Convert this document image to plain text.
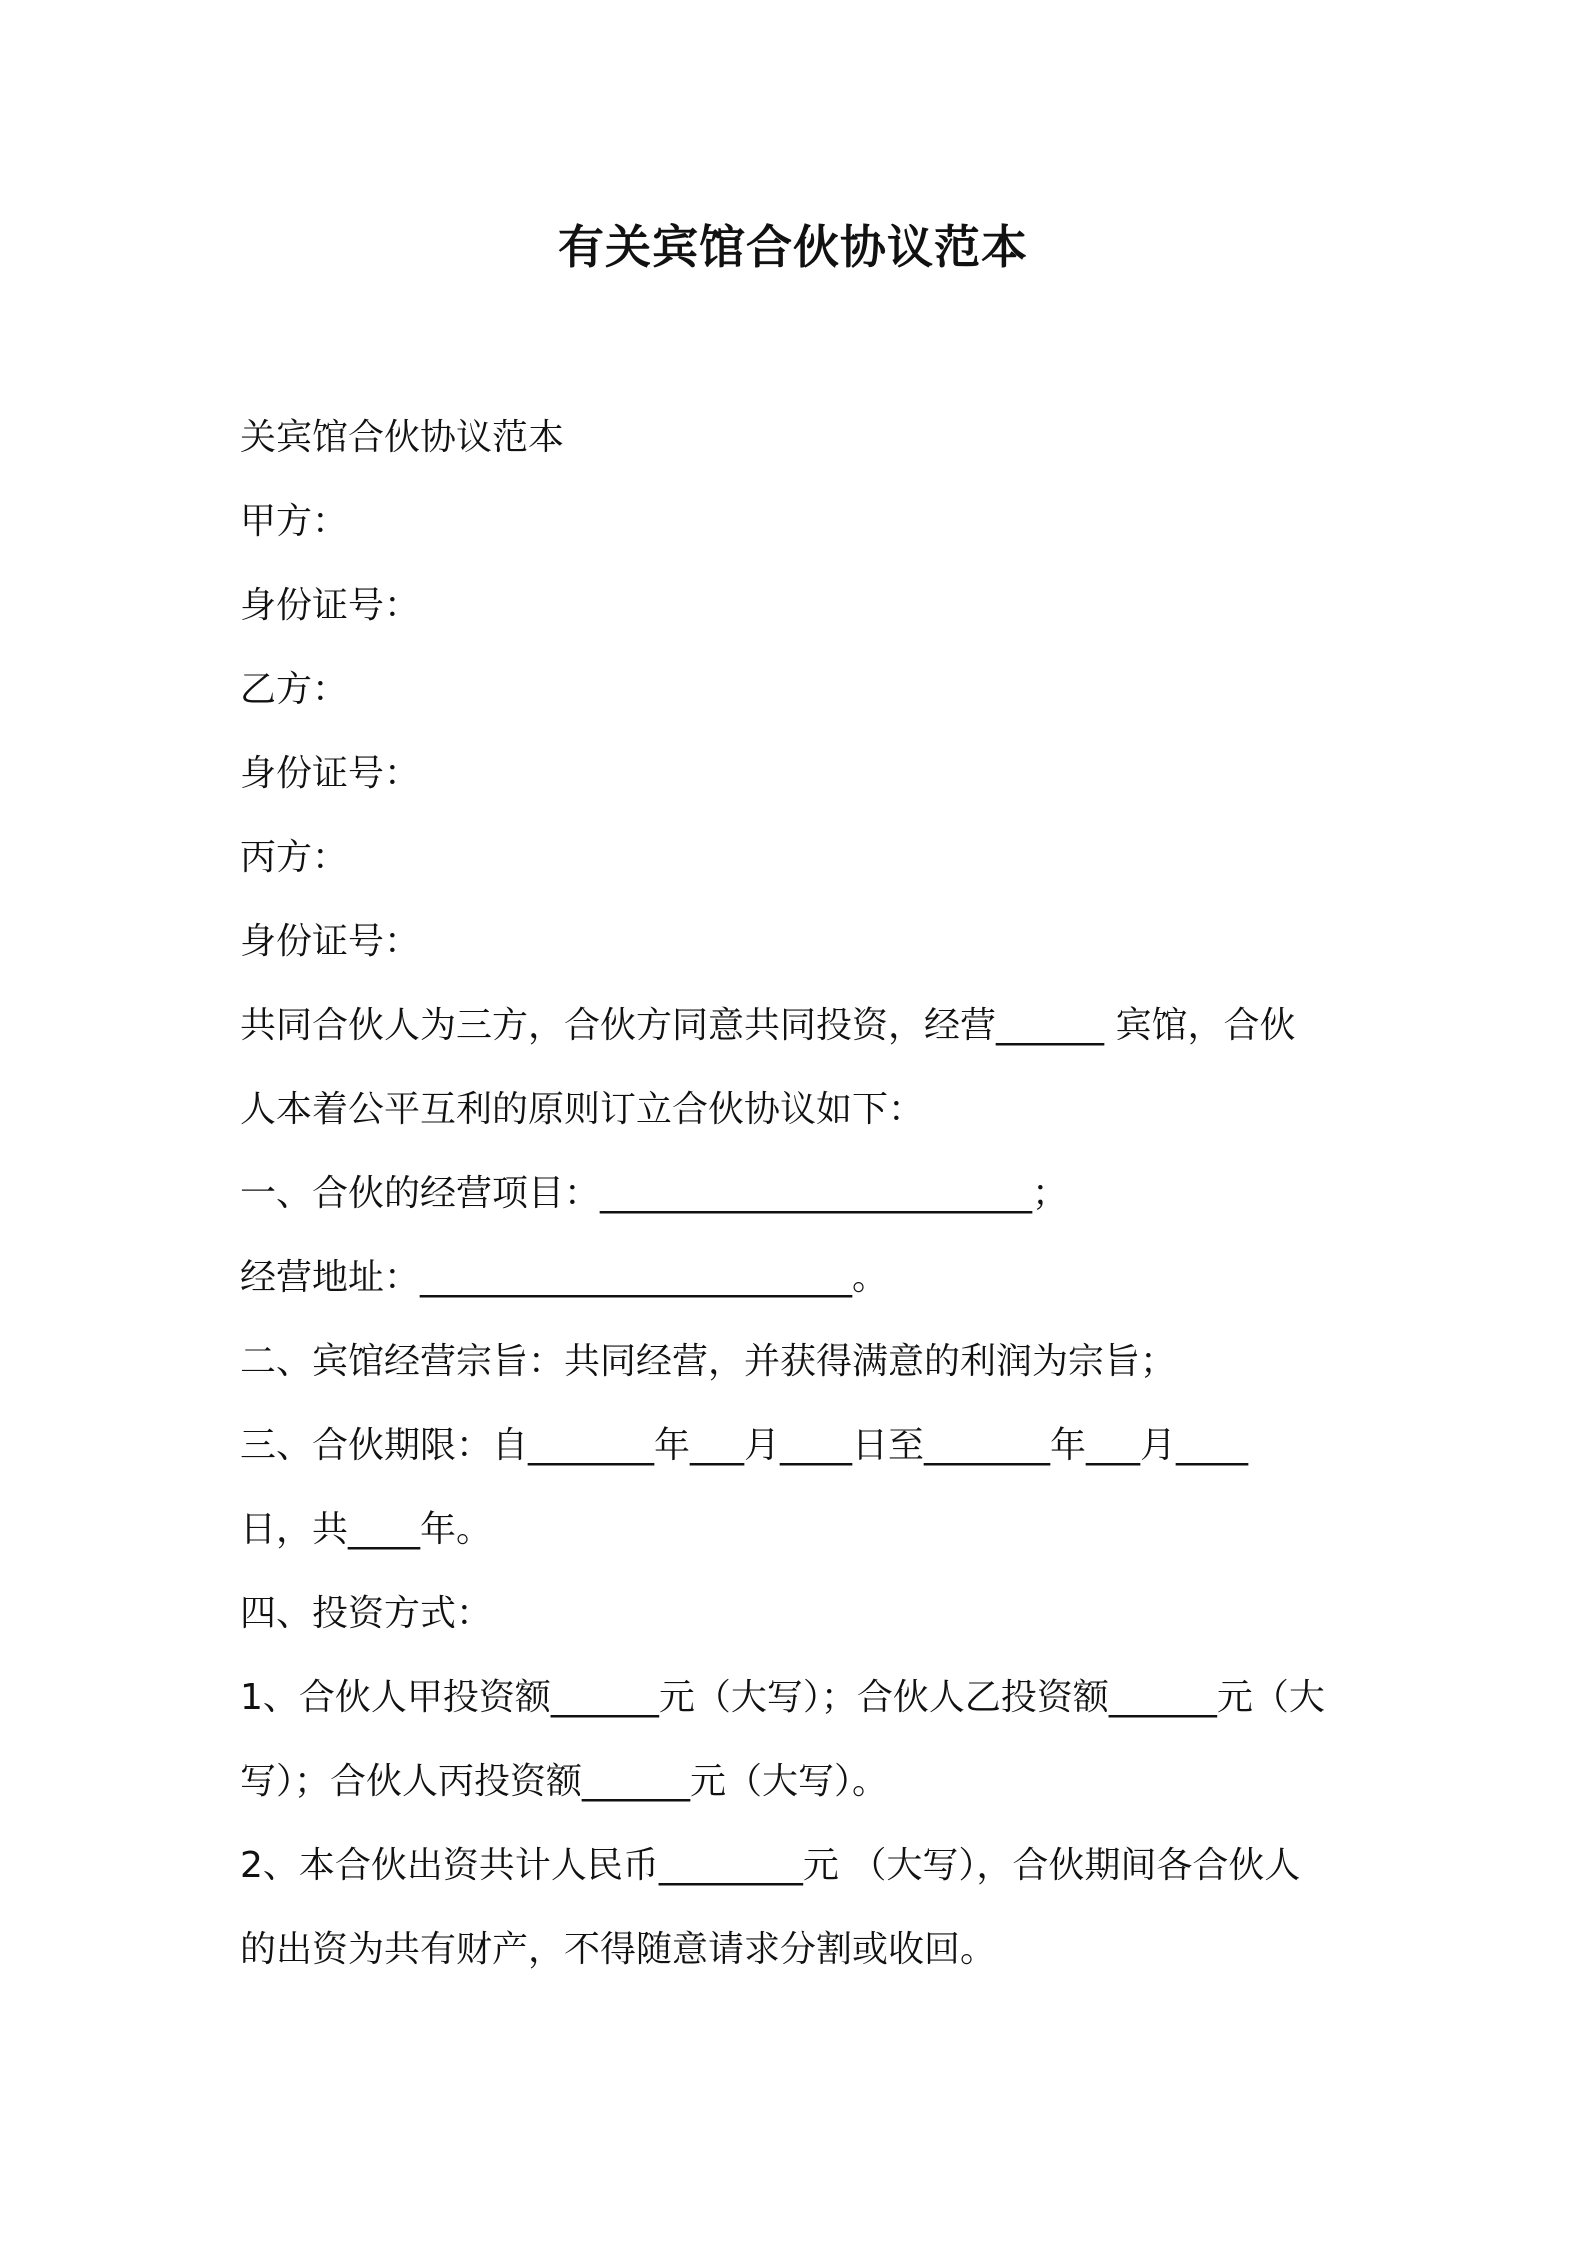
有关宾馆合伙协议范本
关宾馆合伙协议范本
甲方：
身份证号：
乙方：
身份证号：
丙方：
身份证号：
共同合伙人为三方，合伙方同意共同投资，经营______ 宾馆，合伙
人本着公平互利的原则订立合伙协议如下：
一、合伙的经营项目：________________________；
经营地址：________________________。
二、宾馆经营宗旨：共同经营，并获得满意的利润为宗旨；
三、合伙期限：自_______年___月____日至_______年___月____
日，共____年。
四、投资方式：
1、合伙人甲投资额______元（大写）；合伙人乙投资额______元（大
写）；合伙人丙投资额______元（大写）。
2、本合伙出资共计人民币________元 （大写），合伙期间各合伙人
的出资为共有财产，不得随意请求分割或收回。
